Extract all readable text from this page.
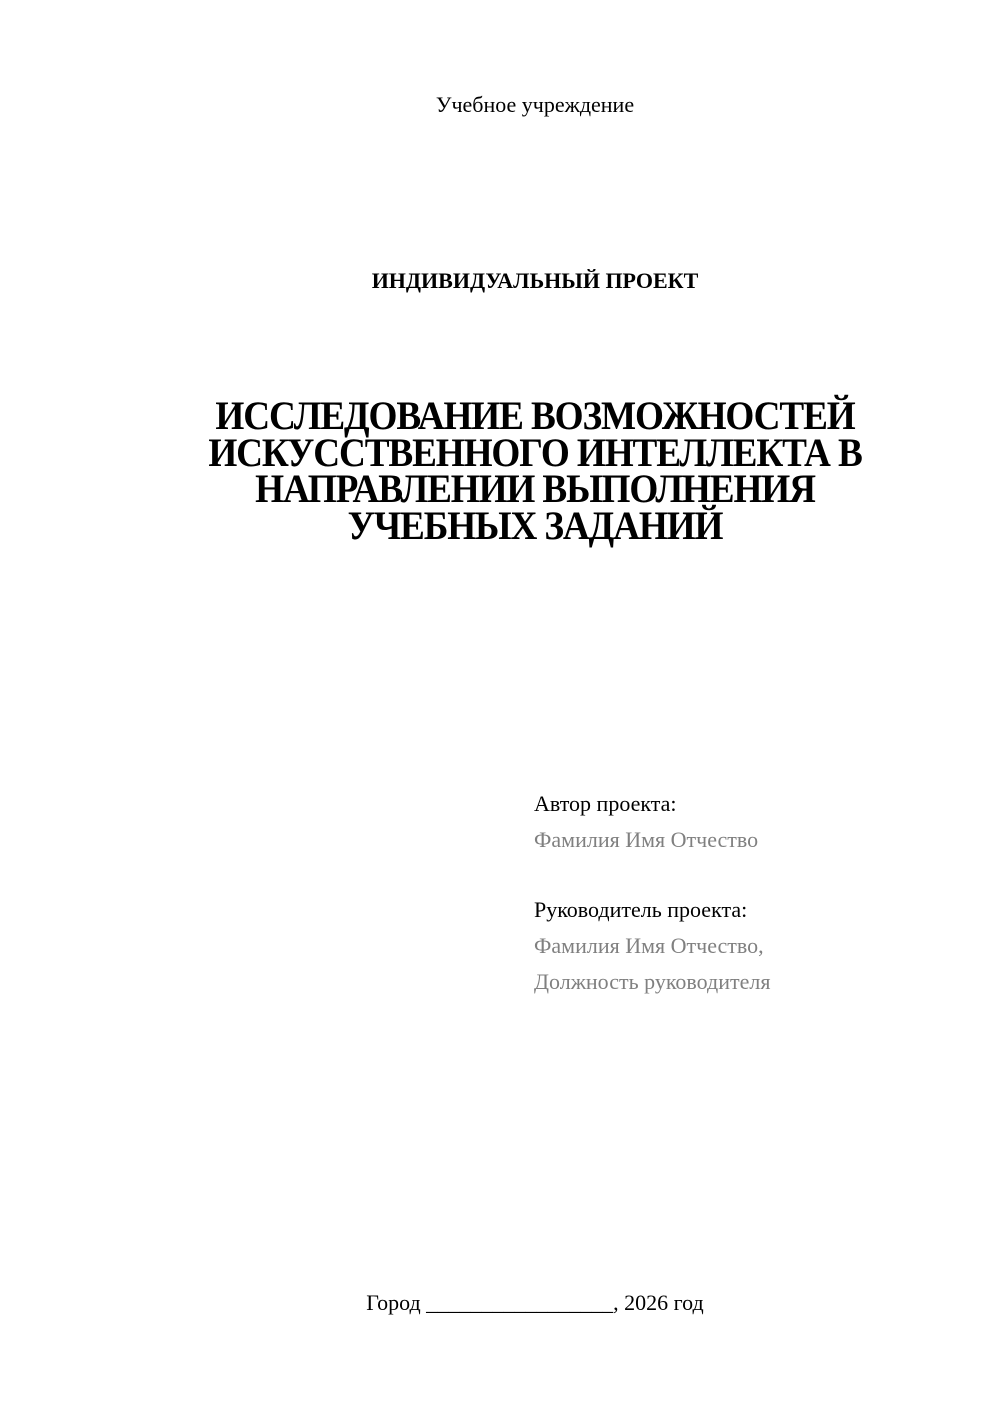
Учебное учреждение
ИНДИВИДУАЛЬНЫЙ ПРОЕКТ
ИССЛЕДОВАНИЕ ВОЗМОЖНОСТЕЙ
ИСКУССТВЕННОГО ИНТЕЛЛЕКТА В
НАПРАВЛЕНИИ ВЫПОЛНЕНИЯ
УЧЕБНЫХ ЗАДАНИЙ
Автор проекта:
Фамилия Имя Отчество
Руководитель проекта:
Фамилия Имя Отчество,
Должность руководителя
Город _________________, 2026 год
